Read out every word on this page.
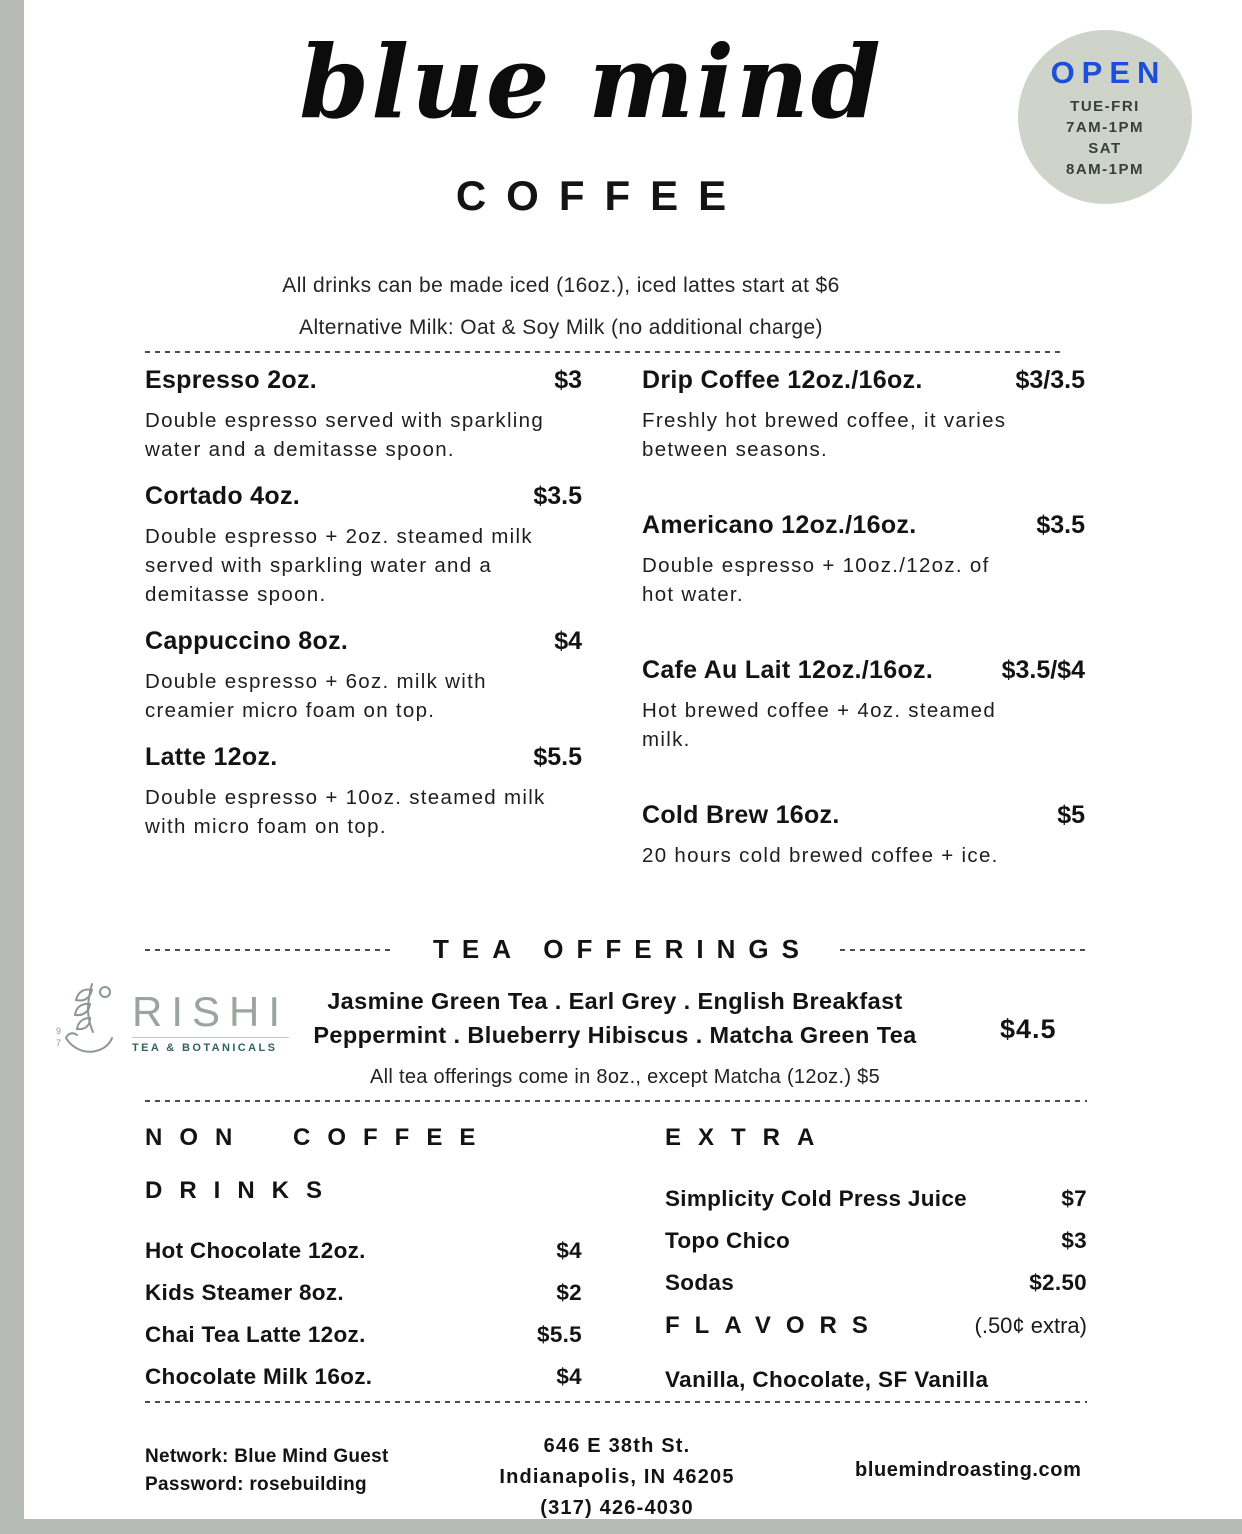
blue mind
COFFEE
OPEN
TUE-FRI
7AM-1PM
SAT
8AM-1PM
All drinks can be made iced (16oz.), iced lattes start at $6
Alternative Milk: Oat & Soy Milk (no additional charge)
Espresso 2oz.	$3
Double espresso served with sparkling water and a demitasse spoon.
Cortado 4oz.	$3.5
Double espresso + 2oz. steamed milk served with sparkling water and a demitasse spoon.
Cappuccino 8oz.	$4
Double espresso + 6oz. milk with creamier micro foam on top.
Latte 12oz.	$5.5
Double espresso + 10oz. steamed milk with micro foam on top.
Drip Coffee 12oz./16oz.	$3/3.5
Freshly hot brewed coffee, it varies between seasons.
Americano 12oz./16oz.	$3.5
Double espresso + 10oz./12oz. of hot water.
Cafe Au Lait 12oz./16oz.	$3.5/$4
Hot brewed coffee + 4oz. steamed milk.
Cold Brew 16oz.	$5
20 hours cold brewed coffee + ice.
TEA OFFERINGS
9
7
RISHI
TEA & BOTANICALS
Jasmine Green Tea . Earl Grey . English Breakfast
Peppermint . Blueberry Hibiscus . Matcha Green Tea	$4.5
All tea offerings come in 8oz., except Matcha (12oz.) $5
NON COFFEE
DRINKS
Hot Chocolate 12oz.	$4
Kids Steamer 8oz.	$2
Chai Tea Latte 12oz.	$5.5
Chocolate Milk 16oz.	$4
EXTRA
Simplicity Cold Press Juice	$7
Topo Chico	$3
Sodas	$2.50
FLAVORS	(.50¢ extra)
Vanilla, Chocolate, SF Vanilla
Network: Blue Mind Guest
Password: rosebuilding
646 E 38th St.
Indianapolis, IN 46205
(317) 426-4030
bluemindroasting.com
